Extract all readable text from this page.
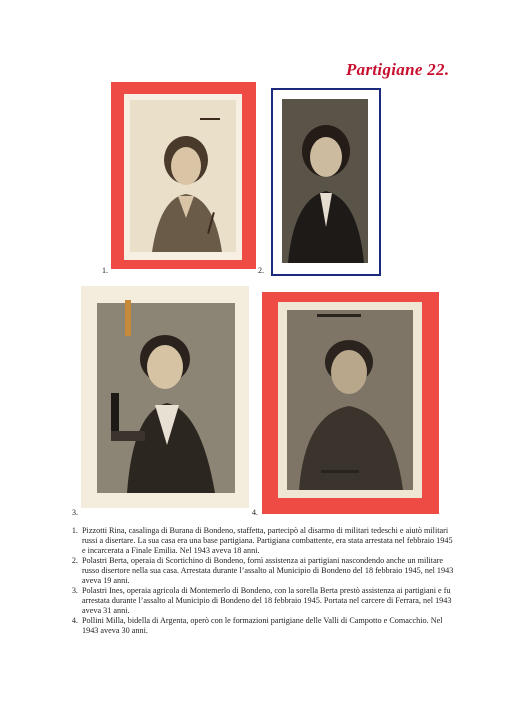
Partigiane 22.
1.	2.
3.	4.
1. Pizzotti Rina, casalinga di Burana di Bondeno, staffetta, partecipò al disarmo di militari tedeschi e aiutò militari russi a disertare. La sua casa era una base partigiana. Partigiana combattente, era stata arrestata nel febbraio 1945 e incarcerata a Finale Emilia. Nel 1943 aveva 18 anni.
2. Polastri Berta, operaia di Scortichino di Bondeno, fornì assistenza ai partigiani nascondendo anche un militare russo disertore nella sua casa. Arrestata durante l’assalto al Municipio di Bondeno del 18 febbraio 1945, nel 1943 aveva 19 anni.
3. Polastri Ines, operaia agricola di Montemerlo di Bondeno, con la sorella Berta prestò assistenza ai partigiani e fu arrestata durante l’assalto al Municipio di Bondeno del 18 febbraio 1945. Portata nel carcere di Ferrara, nel 1943 aveva 31 anni.
4. Pollini Milla, bidella di Argenta, operò con le formazioni partigiane delle Valli di Campotto e Comacchio. Nel 1943 aveva 30 anni.
